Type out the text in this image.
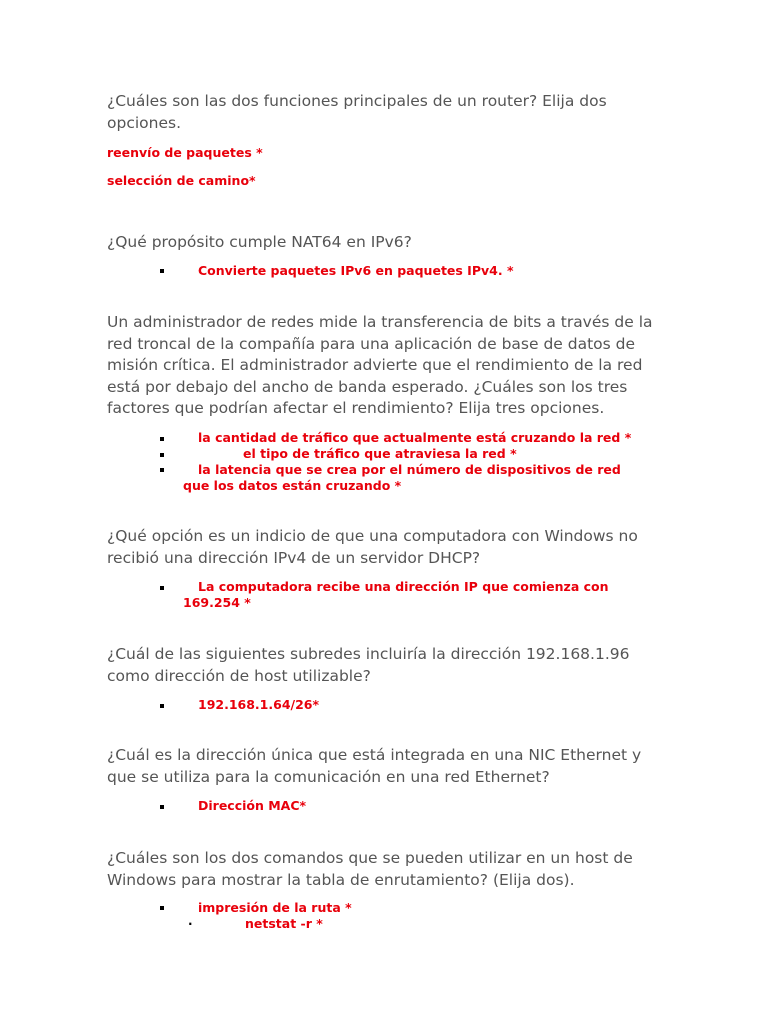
¿Cuáles son las dos funciones principales de un router? Elija dos opciones.
reenvío de paquetes *
selección de camino*
¿Qué propósito cumple NAT64 en IPv6?
Convierte paquetes IPv6 en paquetes IPv4. *
Un administrador de redes mide la transferencia de bits a través de la red troncal de la compañía para una aplicación de base de datos de misión crítica. El administrador advierte que el rendimiento de la red está por debajo del ancho de banda esperado. ¿Cuáles son los tres factores que podrían afectar el rendimiento? Elija tres opciones.
la cantidad de tráfico que actualmente está cruzando la red *
el tipo de tráfico que atraviesa la red *
la latencia que se crea por el número de dispositivos de red
que los datos están cruzando *
¿Qué opción es un indicio de que una computadora con Windows no recibió una dirección IPv4 de un servidor DHCP?
La computadora recibe una dirección IP que comienza con
169.254 *
¿Cuál de las siguientes subredes incluiría la dirección 192.168.1.96 como dirección de host utilizable?
192.168.1.64/26*
¿Cuál es la dirección única que está integrada en una NIC Ethernet y que se utiliza para la comunicación en una red Ethernet?
Dirección MAC*
¿Cuáles son los dos comandos que se pueden utilizar en un host de Windows para mostrar la tabla de enrutamiento? (Elija dos).
impresión de la ruta *
.	netstat -r *
